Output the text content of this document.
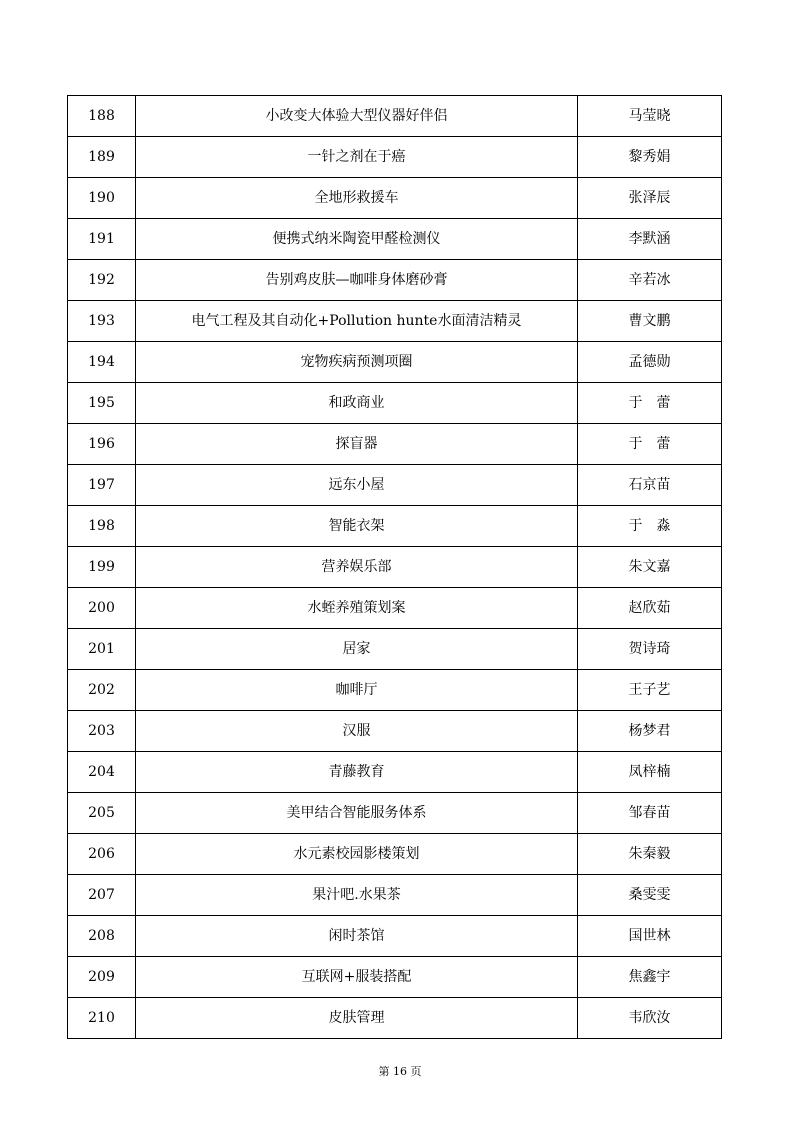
188	小改变大体验大型仪器好伴侣	马莹晓
189	一针之剂在于癌	黎秀娟
190	全地形救援车	张泽辰
191	便携式纳米陶瓷甲醛检测仪	李默涵
192	告别鸡皮肤—咖啡身体磨砂膏	辛若冰
193	电气工程及其自动化+Pollution hunte水面清洁精灵	曹文鹏
194	宠物疾病预测项圈	孟德勋
195	和政商业	于　蕾
196	探盲器	于　蕾
197	远东小屋	石京苗
198	智能衣架	于　淼
199	营养娱乐部	朱文嘉
200	水蛭养殖策划案	赵欣茹
201	居家	贺诗琦
202	咖啡厅	王子艺
203	汉服	杨梦君
204	青藤教育	凤梓楠
205	美甲结合智能服务体系	邹春苗
206	水元素校园影楼策划	朱秦毅
207	果汁吧.水果茶	桑雯雯
208	闲时茶馆	国世林
209	互联网+服装搭配	焦鑫宇
210	皮肤管理	韦欣汝
第 16 页
